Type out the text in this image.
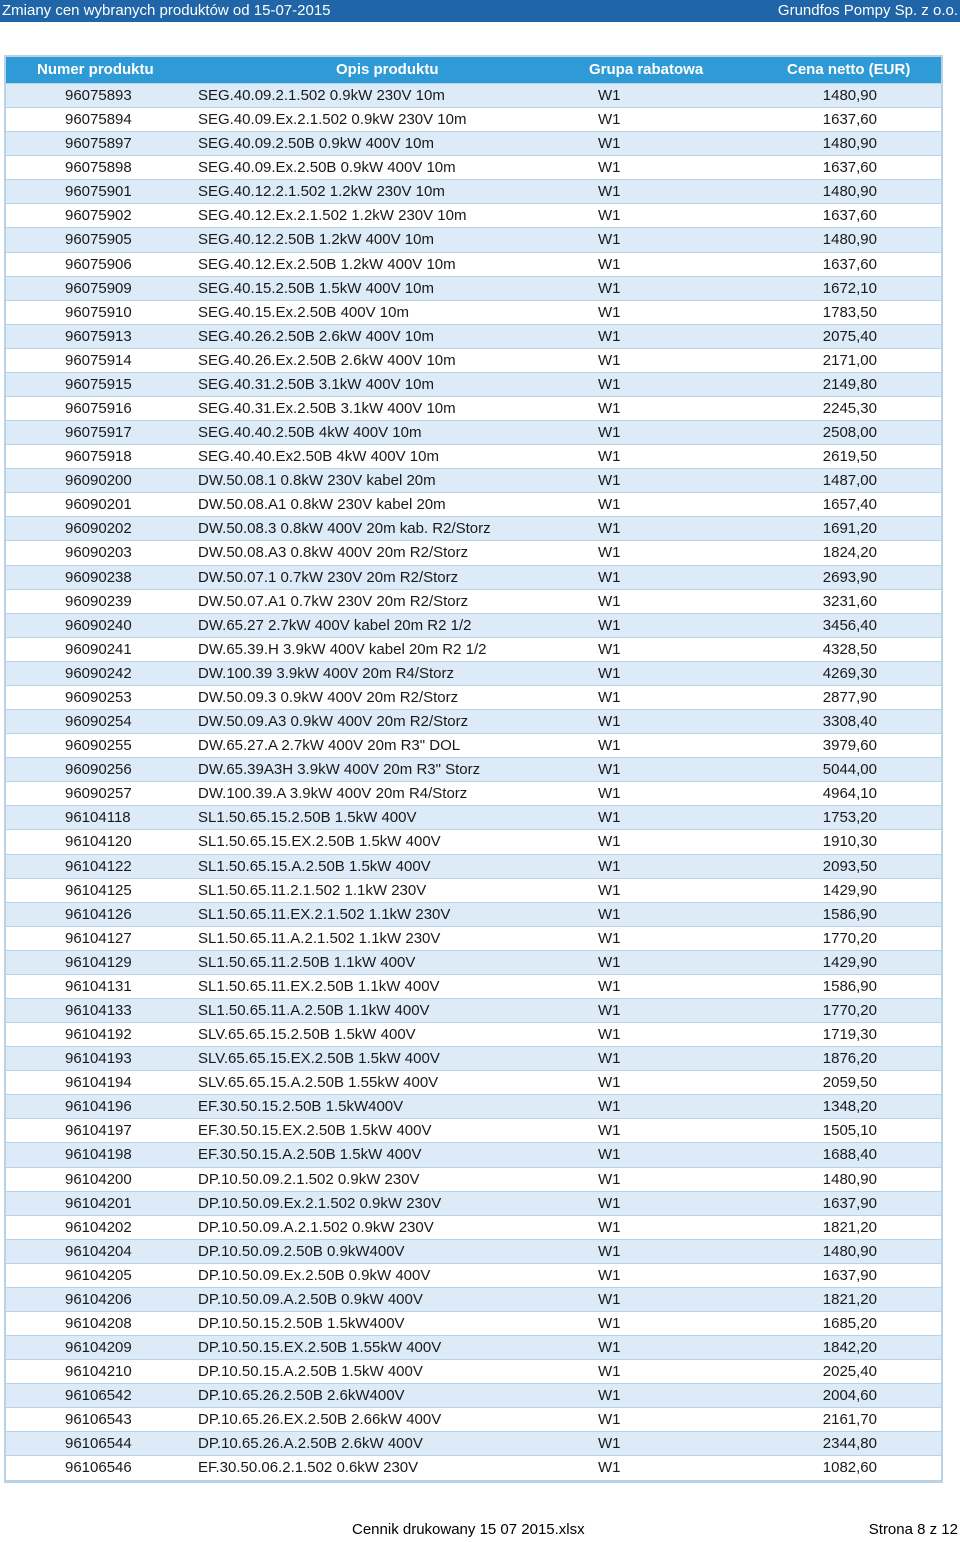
Zmiany cen wybranych produktów od 15-07-2015	Grundfos Pompy Sp. z o.o.
Numer produktu	Opis produktu	Grupa rabatowa	Cena netto (EUR)
96075893	SEG.40.09.2.1.502 0.9kW 230V 10m	W1	1480,90
96075894	SEG.40.09.Ex.2.1.502 0.9kW 230V 10m	W1	1637,60
96075897	SEG.40.09.2.50B 0.9kW 400V 10m	W1	1480,90
96075898	SEG.40.09.Ex.2.50B 0.9kW 400V 10m	W1	1637,60
96075901	SEG.40.12.2.1.502 1.2kW 230V 10m	W1	1480,90
96075902	SEG.40.12.Ex.2.1.502 1.2kW 230V 10m	W1	1637,60
96075905	SEG.40.12.2.50B 1.2kW 400V 10m	W1	1480,90
96075906	SEG.40.12.Ex.2.50B 1.2kW 400V 10m	W1	1637,60
96075909	SEG.40.15.2.50B 1.5kW 400V 10m	W1	1672,10
96075910	SEG.40.15.Ex.2.50B 400V 10m	W1	1783,50
96075913	SEG.40.26.2.50B 2.6kW 400V 10m	W1	2075,40
96075914	SEG.40.26.Ex.2.50B 2.6kW 400V 10m	W1	2171,00
96075915	SEG.40.31.2.50B 3.1kW 400V 10m	W1	2149,80
96075916	SEG.40.31.Ex.2.50B 3.1kW 400V 10m	W1	2245,30
96075917	SEG.40.40.2.50B 4kW 400V 10m	W1	2508,00
96075918	SEG.40.40.Ex2.50B 4kW 400V 10m	W1	2619,50
96090200	DW.50.08.1 0.8kW 230V kabel 20m	W1	1487,00
96090201	DW.50.08.A1 0.8kW 230V kabel 20m	W1	1657,40
96090202	DW.50.08.3 0.8kW 400V 20m kab. R2/Storz	W1	1691,20
96090203	DW.50.08.A3 0.8kW 400V 20m R2/Storz	W1	1824,20
96090238	DW.50.07.1 0.7kW 230V 20m R2/Storz	W1	2693,90
96090239	DW.50.07.A1 0.7kW 230V 20m R2/Storz	W1	3231,60
96090240	DW.65.27 2.7kW 400V kabel 20m R2 1/2	W1	3456,40
96090241	DW.65.39.H 3.9kW 400V kabel 20m R2 1/2	W1	4328,50
96090242	DW.100.39 3.9kW 400V 20m R4/Storz	W1	4269,30
96090253	DW.50.09.3 0.9kW 400V 20m R2/Storz	W1	2877,90
96090254	DW.50.09.A3 0.9kW 400V 20m R2/Storz	W1	3308,40
96090255	DW.65.27.A 2.7kW 400V 20m R3" DOL	W1	3979,60
96090256	DW.65.39A3H 3.9kW 400V 20m R3" Storz	W1	5044,00
96090257	DW.100.39.A 3.9kW 400V 20m R4/Storz	W1	4964,10
96104118	SL1.50.65.15.2.50B 1.5kW 400V	W1	1753,20
96104120	SL1.50.65.15.EX.2.50B 1.5kW 400V	W1	1910,30
96104122	SL1.50.65.15.A.2.50B 1.5kW 400V	W1	2093,50
96104125	SL1.50.65.11.2.1.502 1.1kW 230V	W1	1429,90
96104126	SL1.50.65.11.EX.2.1.502 1.1kW 230V	W1	1586,90
96104127	SL1.50.65.11.A.2.1.502 1.1kW 230V	W1	1770,20
96104129	SL1.50.65.11.2.50B 1.1kW 400V	W1	1429,90
96104131	SL1.50.65.11.EX.2.50B 1.1kW 400V	W1	1586,90
96104133	SL1.50.65.11.A.2.50B 1.1kW 400V	W1	1770,20
96104192	SLV.65.65.15.2.50B 1.5kW 400V	W1	1719,30
96104193	SLV.65.65.15.EX.2.50B 1.5kW 400V	W1	1876,20
96104194	SLV.65.65.15.A.2.50B 1.55kW 400V	W1	2059,50
96104196	EF.30.50.15.2.50B 1.5kW400V	W1	1348,20
96104197	EF.30.50.15.EX.2.50B 1.5kW 400V	W1	1505,10
96104198	EF.30.50.15.A.2.50B 1.5kW 400V	W1	1688,40
96104200	DP.10.50.09.2.1.502 0.9kW 230V	W1	1480,90
96104201	DP.10.50.09.Ex.2.1.502 0.9kW 230V	W1	1637,90
96104202	DP.10.50.09.A.2.1.502 0.9kW 230V	W1	1821,20
96104204	DP.10.50.09.2.50B 0.9kW400V	W1	1480,90
96104205	DP.10.50.09.Ex.2.50B 0.9kW 400V	W1	1637,90
96104206	DP.10.50.09.A.2.50B 0.9kW 400V	W1	1821,20
96104208	DP.10.50.15.2.50B 1.5kW400V	W1	1685,20
96104209	DP.10.50.15.EX.2.50B 1.55kW 400V	W1	1842,20
96104210	DP.10.50.15.A.2.50B 1.5kW 400V	W1	2025,40
96106542	DP.10.65.26.2.50B 2.6kW400V	W1	2004,60
96106543	DP.10.65.26.EX.2.50B 2.66kW 400V	W1	2161,70
96106544	DP.10.65.26.A.2.50B 2.6kW 400V	W1	2344,80
96106546	EF.30.50.06.2.1.502 0.6kW 230V	W1	1082,60
Cennik drukowany 15 07 2015.xlsx	Strona 8 z 12
